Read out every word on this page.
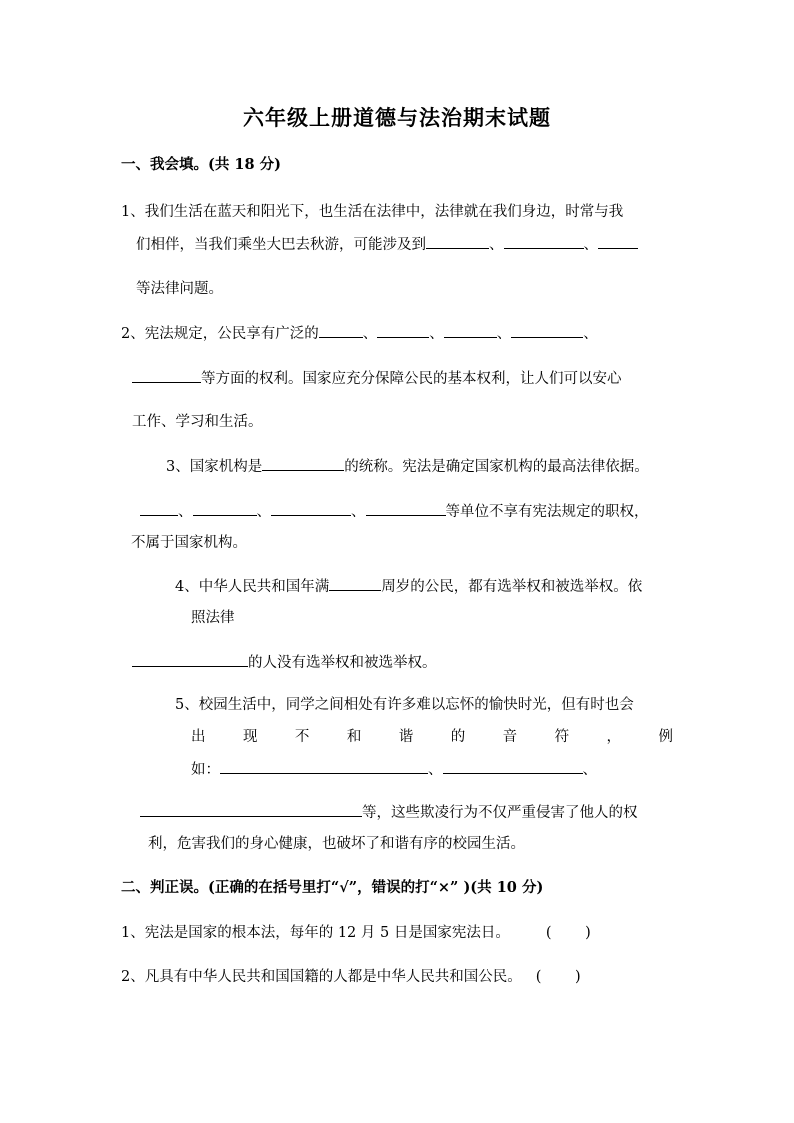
六年级上册道德与法治期末试题
一、我会填。(共 18 分)
1、我们生活在蓝天和阳光下，也生活在法律中，法律就在我们身边，时常与我
们相伴，当我们乘坐大巴去秋游，可能涉及到	、	、
等法律问题。
2、宪法规定，公民享有广泛的	、	、	、	、
等方面的权利。国家应充分保障公民的基本权利，让人们可以安心
工作、学习和生活。
3、国家机构是	的统称。宪法是确定国家机构的最高法律依据。
、	、	、	等单位不享有宪法规定的职权，
不属于国家机构。
4、中华人民共和国年满	周岁的公民，都有选举权和被选举权。依
照法律
的人没有选举权和被选举权。
5、校园生活中，同学之间相处有许多难以忘怀的愉快时光，但有时也会
出	现	不	和	谐	的	音	符	，	例
如：	、	、
等，这些欺凌行为不仅严重侵害了他人的权
利，危害我们的身心健康，也破坏了和谐有序的校园生活。
二、判正误。(正确的在括号里打“√”，错误的打“×” )(共 10 分)
1、宪法是国家的根本法，每年的 12 月 5 日是国家宪法日。 (　　 )
2、凡具有中华人民共和国国籍的人都是中华人民共和国公民。 (　　 )
